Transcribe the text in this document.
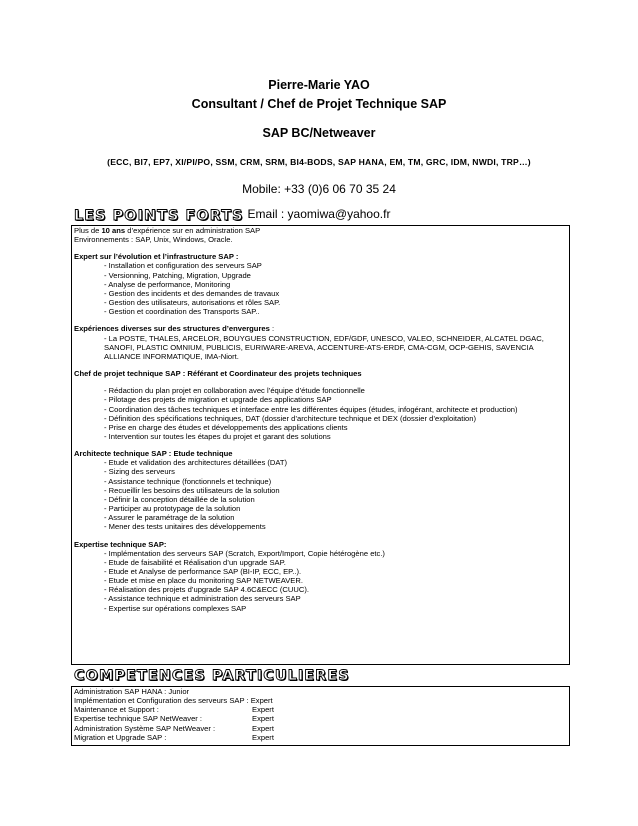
Pierre-Marie YAO
Consultant / Chef de Projet Technique SAP
SAP BC/Netweaver
(ECC, BI7, EP7, XI/PI/PO, SSM, CRM, SRM, BI4-BODS, SAP HANA, EM, TM, GRC, IDM, NWDI, TRP…)
Mobile: +33 (0)6 06 70 35 24
Email : yaomiwa@yahoo.fr
LES POINTS FORTS
Plus de 10 ans d’expérience sur en administration SAP
Environnements : SAP, Unix, Windows, Oracle.
Expert sur l’évolution et l’infrastructure SAP :
- Installation et configuration des serveurs SAP
- Versionning, Patching, Migration, Upgrade
- Analyse de performance, Monitoring
- Gestion des incidents et des demandes de travaux
- Gestion des utilisateurs, autorisations et rôles SAP.
- Gestion et coordination des Transports SAP..
Expériences diverses sur des structures d’envergures :
- La POSTE, THALES, ARCELOR, BOUYGUES CONSTRUCTION, EDF/GDF, UNESCO, VALEO, SCHNEIDER, ALCATEL DGAC, SANOFI, PLASTIC OMNIUM, PUBLICIS, EURIWARE-AREVA, ACCENTURE-ATS-ERDF, CMA-CGM, OCP-GEHIS, SAVENCIA ALLIANCE INFORMATIQUE, IMA-Niort.
Chef de projet technique SAP : Référant et Coordinateur des projets techniques
- Rédaction du plan projet en collaboration avec l’équipe d’étude fonctionnelle
- Pilotage des projets de migration et upgrade des applications SAP
- Coordination des tâches techniques et interface entre les différentes équipes (études, infogérant, architecte et production)
- Définition des spécifications techniques, DAT (dossier d’architecture technique et DEX (dossier d’exploitation)
- Prise en charge des études et développements des applications clients
- Intervention sur toutes les étapes du projet et garant des solutions
Architecte technique SAP : Etude technique
- Etude et validation des architectures détaillées (DAT)
- Sizing des serveurs
- Assistance technique (fonctionnels et technique)
- Recueillir les besoins des utilisateurs de la solution
- Définir la conception détaillée de la solution
- Participer au prototypage de la solution
- Assurer le paramétrage de la solution
- Mener des tests unitaires des développements
Expertise technique SAP:
- Implémentation des serveurs SAP (Scratch, Export/Import, Copie hétérogène etc.)
- Etude de faisabilité et Réalisation d’un upgrade SAP.
- Etude et Analyse de performance SAP (BI-IP, ECC, EP..).
- Etude et mise en place du monitoring SAP NETWEAVER.
- Réalisation des projets d’upgrade SAP 4.6C&ECC (CUUC).
- Assistance technique et administration des serveurs SAP
- Expertise sur opérations complexes SAP
COMPETENCES PARTICULIERES
Administration SAP HANA : Junior
Implémentation et Configuration des serveurs SAP : Expert
Maintenance et Support :	Expert
Expertise technique SAP NetWeaver :	Expert
Administration Système SAP NetWeaver :	Expert
Migration et Upgrade SAP :	Expert
